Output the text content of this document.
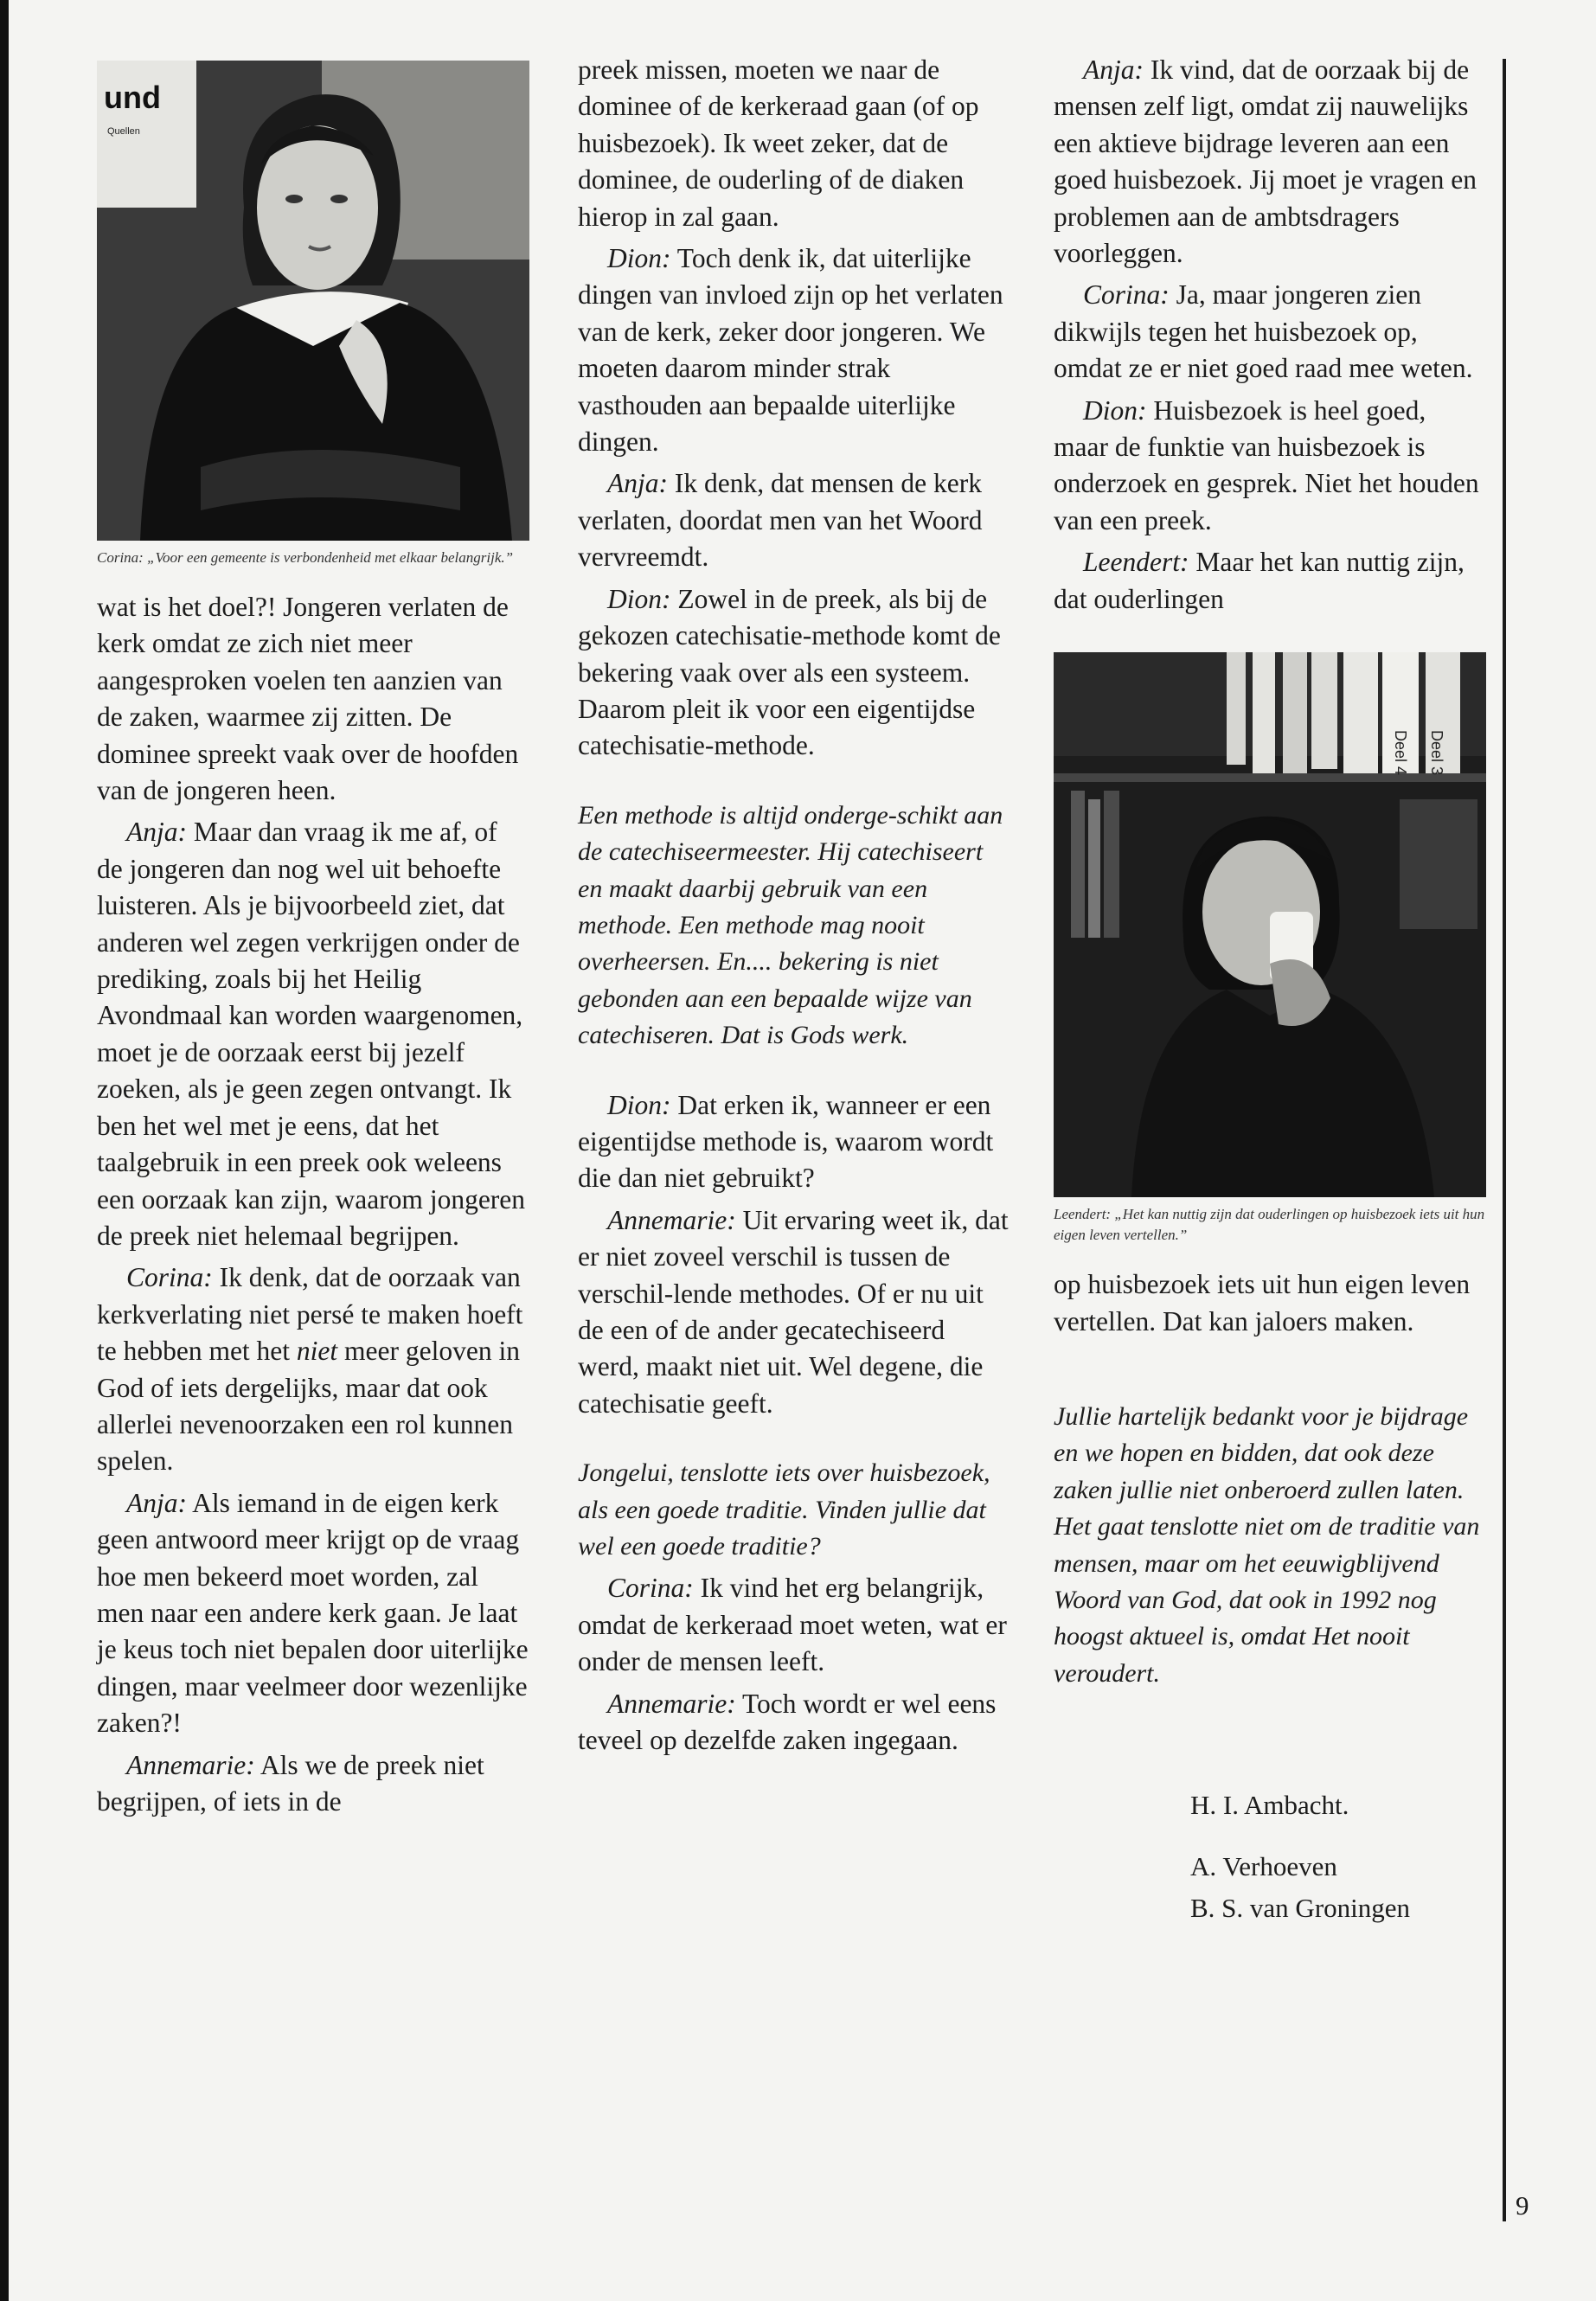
und
Quellen
Corina: „Voor een gemeente is verbondenheid met elkaar belangrijk.”

wat is het doel?! Jongeren verlaten de kerk omdat ze zich niet meer aangesproken voelen ten aanzien van de zaken, waarmee zij zitten. De dominee spreekt vaak over de hoofden van de jongeren heen.

Anja: Maar dan vraag ik me af, of de jongeren dan nog wel uit behoefte luisteren. Als je bijvoorbeeld ziet, dat anderen wel zegen verkrijgen onder de prediking, zoals bij het Heilig Avondmaal kan worden waargenomen, moet je de oorzaak eerst bij jezelf zoeken, als je geen zegen ontvangt. Ik ben het wel met je eens, dat het taalgebruik in een preek ook weleens een oorzaak kan zijn, waarom jongeren de preek niet helemaal begrijpen.

Corina: Ik denk, dat de oorzaak van kerkverlating niet persé te maken hoeft te hebben met het niet meer geloven in God of iets dergelijks, maar dat ook allerlei nevenoorzaken een rol kunnen spelen.

Anja: Als iemand in de eigen kerk geen antwoord meer krijgt op de vraag hoe men bekeerd moet worden, zal men naar een andere kerk gaan. Je laat je keus toch niet bepalen door uiterlijke dingen, maar veelmeer door wezenlijke zaken?!

Annemarie: Als we de preek niet begrijpen, of iets in de

preek missen, moeten we naar de dominee of de kerkeraad gaan (of op huisbezoek). Ik weet zeker, dat de dominee, de ouderling of de diaken hierop in zal gaan.

Dion: Toch denk ik, dat uiterlijke dingen van invloed zijn op het verlaten van de kerk, zeker door jongeren. We moeten daarom minder strak vasthouden aan bepaalde uiterlijke dingen.

Anja: Ik denk, dat mensen de kerk verlaten, doordat men van het Woord vervreemdt.

Dion: Zowel in de preek, als bij de gekozen catechisatie-methode komt de bekering vaak over als een systeem. Daarom pleit ik voor een eigentijdse catechisatie-methode.

Een methode is altijd onderge-schikt aan de catechiseermeester. Hij catechiseert en maakt daarbij gebruik van een methode. Een methode mag nooit overheersen. En.... bekering is niet gebonden aan een bepaalde wijze van catechiseren. Dat is Gods werk.

Dion: Dat erken ik, wanneer er een eigentijdse methode is, waarom wordt die dan niet gebruikt?

Annemarie: Uit ervaring weet ik, dat er niet zoveel verschil is tussen de verschil-lende methodes. Of er nu uit de een of de ander gecatechiseerd werd, maakt niet uit. Wel degene, die catechisatie geeft.

Jongelui, tenslotte iets over huisbezoek, als een goede traditie. Vinden jullie dat wel een goede traditie?

Corina: Ik vind het erg belangrijk, omdat de kerkeraad moet weten, wat er onder de mensen leeft.

Annemarie: Toch wordt er wel eens teveel op dezelfde zaken ingegaan.

Anja: Ik vind, dat de oorzaak bij de mensen zelf ligt, omdat zij nauwelijks een aktieve bijdrage leveren aan een goed huisbezoek. Jij moet je vragen en problemen aan de ambtsdragers voorleggen.

Corina: Ja, maar jongeren zien dikwijls tegen het huisbezoek op, omdat ze er niet goed raad mee weten.

Dion: Huisbezoek is heel goed, maar de funktie van huisbezoek is onderzoek en gesprek. Niet het houden van een preek.

Leendert: Maar het kan nuttig zijn, dat ouderlingen

Deel 3
Deel 4
Leendert: „Het kan nuttig zijn dat ouderlingen op huisbezoek iets uit hun eigen leven vertellen.”

op huisbezoek iets uit hun eigen leven vertellen. Dat kan jaloers maken.

Jullie hartelijk bedankt voor je bijdrage en we hopen en bidden, dat ook deze zaken jullie niet onberoerd zullen laten. Het gaat tenslotte niet om de traditie van mensen, maar om het eeuwigblijvend Woord van God, dat ook in 1992 nog hoogst aktueel is, omdat Het nooit veroudert.

H. I. Ambacht.

A. Verhoeven

B. S. van Groningen

9
